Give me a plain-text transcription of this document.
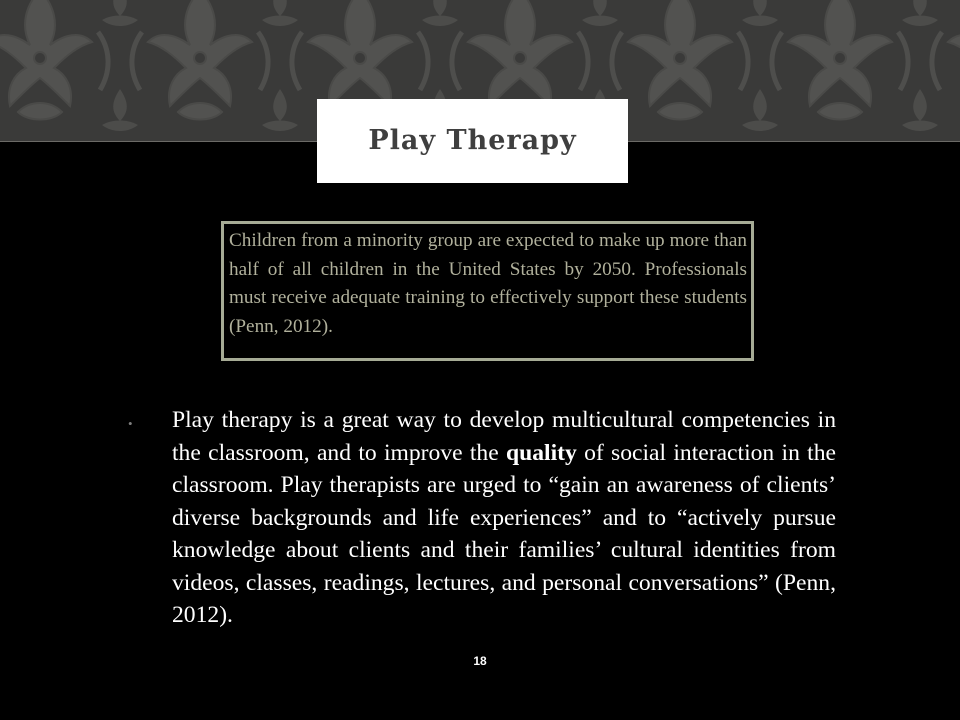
Play Therapy

Children from a minority group are expected to make up more than half of all children in the United States by 2050. Professionals must receive adequate training to effectively support these students (Penn, 2012).

• Play therapy is a great way to develop multicultural competencies in the classroom, and to improve the quality of social interaction in the classroom. Play therapists are urged to “gain an awareness of clients’ diverse backgrounds and life experiences” and to “actively pursue knowledge about clients and their families’ cultural identities from videos, classes, readings, lectures, and personal conversations” (Penn, 2012).

18
